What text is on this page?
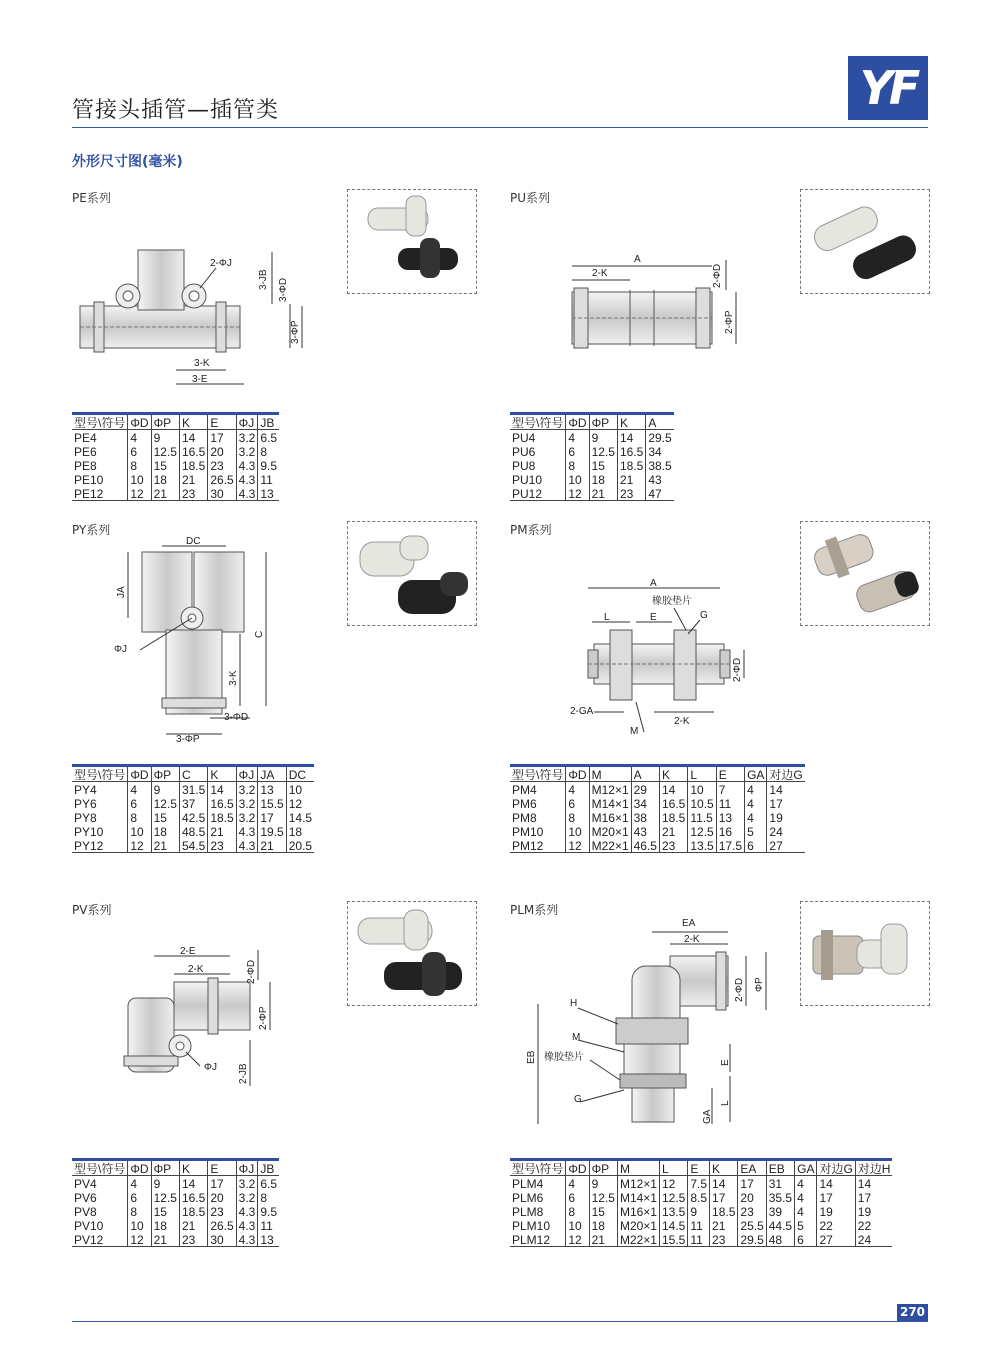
管接头插管—插管类	YF
外形尺寸图(毫米)
PE系列
2-ΦJ
3-JB 3-ΦD
3-ΦP
3-K
3-E
型号\符号	ΦD	ΦP	K	E	ΦJ	JB
PE4	4	9	14	17	3.2	6.5
PE6	6	12.5	16.5	20	3.2	8
PE8	8	15	18.5	23	4.3	9.5
PE10	10	18	21	26.5	4.3	11
PE12	12	21	23	30	4.3	13
PU系列
A
2-K	2-ΦD
2-ΦP
型号\符号	ΦD	ΦP	K	A
PU4	4	9	14	29.5
PU6	6	12.5	16.5	34
PU8	8	15	18.5	38.5
PU10	10	18	21	43
PU12	12	21	23	47
PY系列
DC
JA
ΦJ
C
3-K
3-ΦD
3-ΦP
型号\符号	ΦD	ΦP	C	K	ΦJ	JA	DC
PY4	4	9	31.5	14	3.2	13	10
PY6	6	12.5	37	16.5	3.2	15.5	12
PY8	8	15	42.5	18.5	3.2	17	14.5
PY10	10	18	48.5	21	4.3	19.5	18
PY12	12	21	54.5	23	4.3	21	20.5
PM系列
A
橡胶垫片
L	E	G
2-ΦD
2-GA
2-K
M
型号\符号	ΦD	M	A	K	L	E	GA	对边G
PM4	4	M12×1	29	14	10	7	4	14
PM6	6	M14×1	34	16.5	10.5	11	4	17
PM8	8	M16×1	38	18.5	11.5	13	4	19
PM10	10	M20×1	43	21	12.5	16	5	24
PM12	12	M22×1	46.5	23	13.5	17.5	6	27
PV系列
2-E
2-K	2-ΦD
2-ΦP
ΦJ 2-JB
型号\符号	ΦD	ΦP	K	E	ΦJ	JB
PV4	4	9	14	17	3.2	6.5
PV6	6	12.5	16.5	20	3.2	8
PV8	8	15	18.5	23	4.3	9.5
PV10	10	18	21	26.5	4.3	11
PV12	12	21	23	30	4.3	13
PLM系列
EA
2-K
2-ΦD ΦP
H
M
橡胶垫片
EB
G
E
L
GA
型号\符号	ΦD	ΦP	M	L	E	K	EA	EB	GA	对边G	对边H
PLM4	4	9	M12×1	12	7.5	14	17	31	4	14	14
PLM6	6	12.5	M14×1	12.5	8.5	17	20	35.5	4	17	17
PLM8	8	15	M16×1	13.5	9	18.5	23	39	4	19	19
PLM10	10	18	M20×1	14.5	11	21	25.5	44.5	5	22	22
PLM12	12	21	M22×1	15.5	11	23	29.5	48	6	27	24
270
